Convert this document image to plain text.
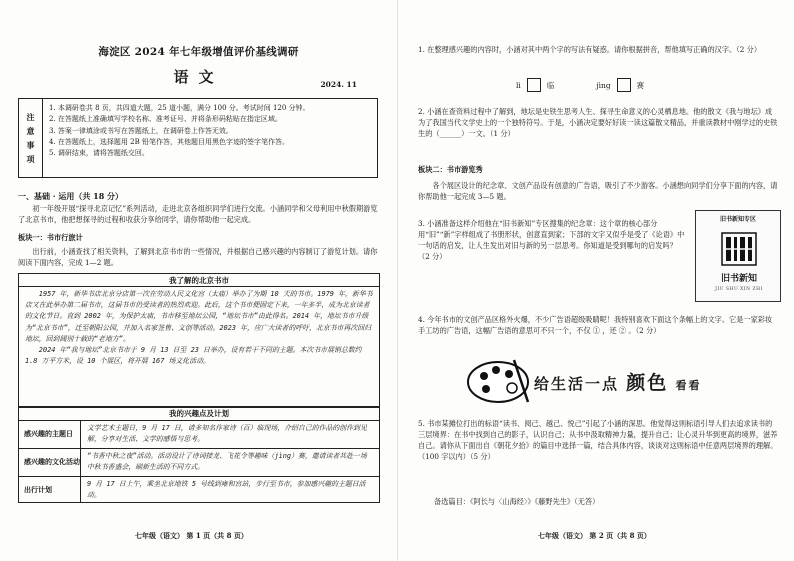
海淀区 2024 年七年级增值评价基线调研
语文	2024. 11
注
意
事
项
1. 本调研卷共 8 页，共四道大题，25 道小题，满分 100 分。考试时间 120 分钟。
2. 在答题纸上准确填写学校名称、准考证号、并将条形码粘贴在指定区域。
3. 答案一律填涂或书写在答题纸上，在调研卷上作答无效。
4. 在答题纸上，选择题用 2B 铅笔作答，其他题目用黑色字迹的签字笔作答。
5. 调研结束，请将答题纸交回。
一、基础 · 运用（共 18 分）
初一年级开展“探寻北京记忆”系列活动，走进北京各组织同学们进行交流。小涵同学和父母利用中秋假期游览了北京书市，他把想探寻的过程和收获分享给同学，请你帮助他一起完成。
板块一：书市行旅计
出行前，小涵查找了相关资料，了解到北京书市的一些情况，并根据自己感兴趣的内容制订了游览计划。请你阅读下面内容，完成 1—2 题。
我了解的北京书市

1957 年，新华书店北京分店第一次在劳动人民文化宫（太庙）举办了为期 10 天的书市。1979 年，新华书店又在此举办第二届书市，这届书市仍受读者的热烈欢迎。此后，这个书市便固定下来，一年多半，成为北京读者的文化节日。直到 2002 年，为保护太庙，书市移至地坛公园，“地坛书市”由此得名。2014 年，地坛书市升级为“北京书市”，迁至朝阳公园，并加入名家签售、文创等活动。2023 年，应广大读者的呼吁，北京书市再次回归地坛，回到阔别十载的“老地方”。

2024 年“我与地坛”北京书市于 9 月 13 日至 23 日举办，设有若干不同的主题。本次书市展销总数约 1.8 万平方米，设 10 个展区，将开展 167 场文化活动。

我的兴趣点及计划
感兴趣的主题日
文学艺术主题日，9 月 17 日，请多知名作家诗（百）临现场，介绍自己的作品的创作到见解，分享对生活、文学的感悟与思考。
感兴趣的文化活动
“书香中秋之夜”活动。活动设计了诗词接龙、飞花令等趣味（jìng）赛，邀请读者共赴一场中秋书香盛会，刷新生活的不同方式。
出行计划
9 月 17 日上午，乘坐北京地铁 5 号线到雍和宫站，步行至书市，参加感兴趣的主题日活动。
七年级（语文） 第 1 页（共 8 页）
1. 在整理感兴趣的内容时，小涵对其中两个字的写法有疑惑。请你根据拼音，帮他填写正确的汉字。（2 分）
lì	临	jìng	赛
2. 小涵在查资料过程中了解到，地坛是史铁生思考人生、探寻生命意义的心灵栖息地。他的散文《我与地坛》成为了我国当代文学史上的一个独特符号。于是，小涵决定要好好读一读这篇散文精品，并重读教材中刚学过的史铁生的（______）一文。（1 分）
板块二：书市游览秀
各个展区设计的纪念章、文创产品设有创意的广告语，吸引了不少游客。小涵想向同学们分享下面的内容，请你帮助他一起完成 3—5 题。
3. 小涵准备这样介绍他在“旧书新知”专区搜集的纪念章：这个章的核心部分用“旧”“新”字样组成了书册形状，创意直到家；下部的文字又似乎是受了《论语》中一句话的启发，让人生发出对旧与新的另一层思考。你知道是受到哪句的启发吗？（2 分）
旧书新知专区
旧书新知
JIU SHU XIN ZHI
4. 今年书市的文创产品区格外火爆，不少广告语超级吸睛呢！我特别喜欢下面这个条幅上的文字。它是一家彩妆手工坊的广告语，这幅广告语的意思可不只一个，不仅 ① ，还 ② 。（2 分）
给生活一点 颜色 看看
5. 书市某摊位打出的标语“读书、阅己、越己、悦己”引起了小涵的深思。他觉得这则标语引导人们去追求读书的三层境界：在书中找到自己的影子，认识自己；从书中汲取精神力量，提升自己；让心灵升华到更高的境界，滋养自己。请你从下面出自《朝花夕拾》的篇目中选择一篇，结合具体内容，谈谈对这则标语中任意两层境界的理解。（100 字以内）（5 分）
备选篇目：《阿长与〈山海经〉》《藤野先生》（无答）
七年级（语文） 第 2 页（共 8 页）
